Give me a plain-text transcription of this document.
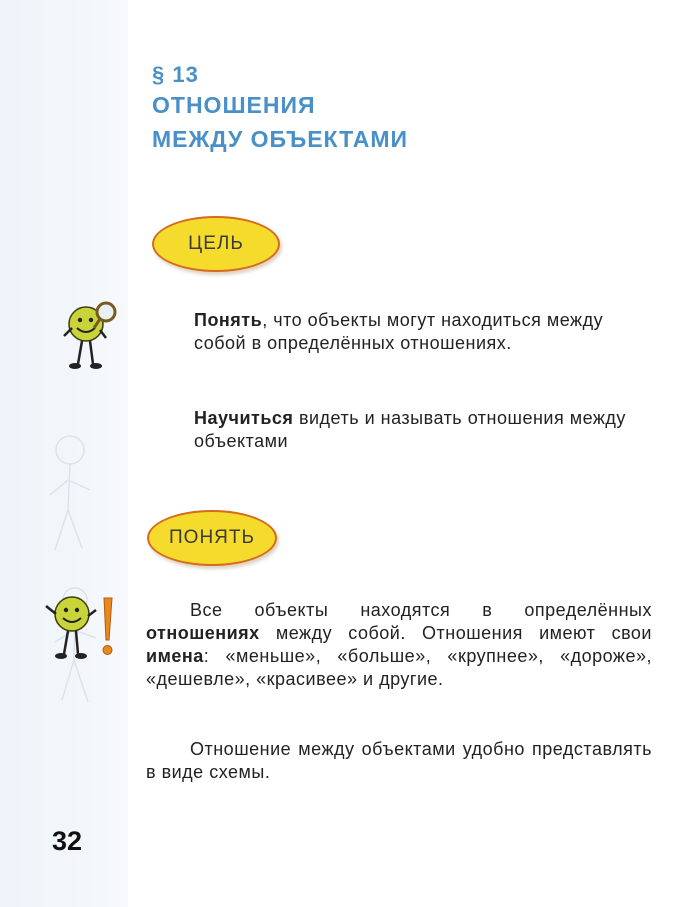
§ 13
ОТНОШЕНИЯ
МЕЖДУ ОБЪЕКТАМИ
ЦЕЛЬ
Понять, что объекты могут находиться между собой в определённых отношениях.
Научиться видеть и называть отношения между объектами
ПОНЯТЬ
Все объекты находятся в определённых отношениях между собой. Отношения имеют свои имена: «меньше», «больше», «крупнее», «дороже», «дешевле», «красивее» и другие.
Отношение между объектами удобно представлять в виде схемы.
32
